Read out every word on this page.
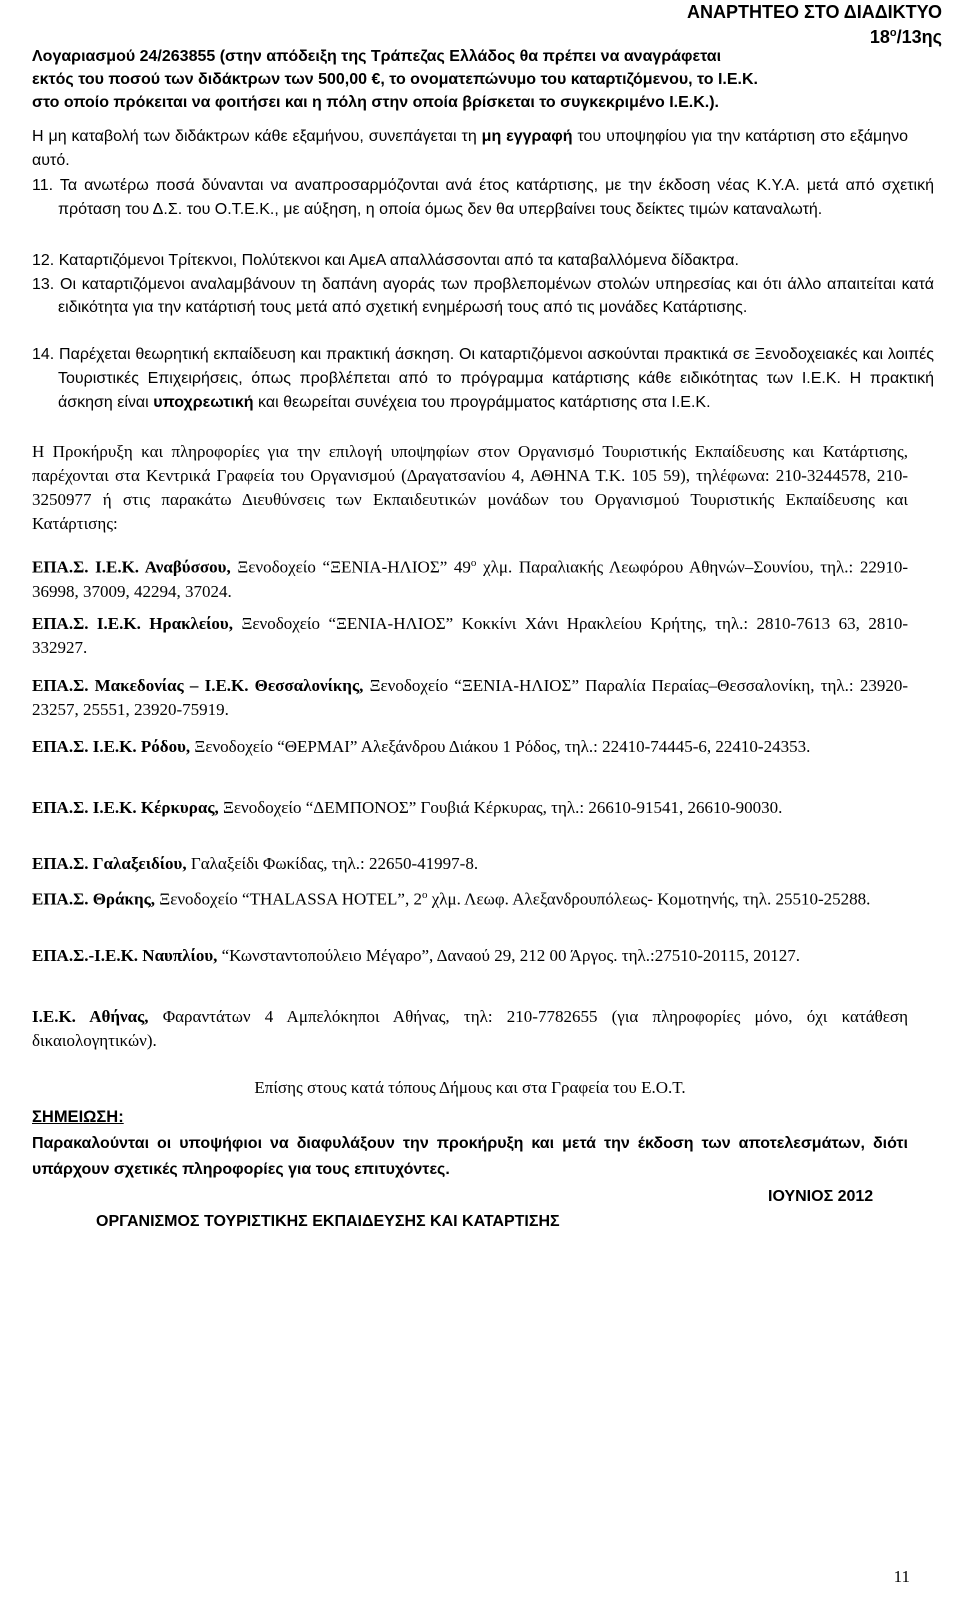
ΑΝΑΡΤΗΤΕΟ ΣΤΟ ΔΙΑΔΙΚΤΥΟ
$18^o/13\eta\varsigma$
Λογαριασμού 24/263855 (στην απόδειξη της Τράπεζας Ελλάδος θα πρέπει να αναγράφεται
εκτός του ποσού των διδάκτρων των 500,00 €, το ονοματεπώνυμο του καταρτιζόμενου, το Ι.Ε.Κ.
στο οποίο πρόκειται να φοιτήσει και η πόλη στην οποία βρίσκεται το συγκεκριμένο Ι.Ε.Κ.).
Η μη καταβολή των διδάκτρων κάθε εξαμήνου, συνεπάγεται τη μη εγγραφή του υποψηφίου για την κατάρτιση στο εξάμηνο αυτό.
11. Τα ανωτέρω ποσά δύνανται να αναπροσαρμόζονται ανά έτος κατάρτισης, με την έκδοση νέας Κ.Υ.Α. μετά από σχετική πρόταση του Δ.Σ. του Ο.Τ.Ε.Κ., με αύξηση, η οποία όμως δεν θα υπερβαίνει τους δείκτες τιμών καταναλωτή.
12. Καταρτιζόμενοι Τρίτεκνοι, Πολύτεκνοι και ΑμεΑ απαλλάσσονται από τα καταβαλλόμενα δίδακτρα.
13. Οι καταρτιζόμενοι αναλαμβάνουν τη δαπάνη αγοράς των προβλεπομένων στολών υπηρεσίας και ότι άλλο απαιτείται κατά ειδικότητα για την κατάρτισή τους μετά από σχετική ενημέρωσή τους από τις μονάδες Κατάρτισης.
14. Παρέχεται θεωρητική εκπαίδευση και πρακτική άσκηση. Οι καταρτιζόμενοι ασκούνται πρακτικά σε Ξενοδοχειακές και λοιπές Τουριστικές Επιχειρήσεις, όπως προβλέπεται από το πρόγραμμα κατάρτισης κάθε ειδικότητας των Ι.Ε.Κ. Η πρακτική άσκηση είναι υποχρεωτική και θεωρείται συνέχεια του προγράμματος κατάρτισης στα Ι.Ε.Κ.
Η Προκήρυξη και πληροφορίες για την επιλογή υποψηφίων στον Οργανισμό Τουριστικής Εκπαίδευσης και Κατάρτισης, παρέχονται στα Κεντρικά Γραφεία του Οργανισμού (Δραγατσανίου 4, ΑΘΗΝΑ Τ.Κ. 105 59), τηλέφωνα: 210-3244578, 210-3250977 ή στις παρακάτω Διευθύνσεις των Εκπαιδευτικών μονάδων του Οργανισμού Τουριστικής Εκπαίδευσης και Κατάρτισης:
ΕΠΑ.Σ. Ι.Ε.Κ. Αναβύσσου, Ξενοδοχείο “ΞΕΝΙΑ-ΗΛΙΟΣ” $49^o$ χλμ. Παραλιακής Λεωφόρου Αθηνών–Σουνίου, τηλ.: 22910-36998, 37009, 42294, 37024.
ΕΠΑ.Σ. Ι.Ε.Κ. Ηρακλείου, Ξενοδοχείο “ΞΕΝΙΑ-ΗΛΙΟΣ” Κοκκίνι Χάνι Ηρακλείου Κρήτης, τηλ.: 2810-7613 63, 2810-332927.
ΕΠΑ.Σ. Μακεδονίας – Ι.Ε.Κ. Θεσσαλονίκης, Ξενοδοχείο “ΞΕΝΙΑ-ΗΛΙΟΣ” Παραλία Περαίας–Θεσσαλονίκη, τηλ.: 23920-23257, 25551, 23920-75919.
ΕΠΑ.Σ. Ι.Ε.Κ. Ρόδου, Ξενοδοχείο “ΘΕΡΜΑΙ” Αλεξάνδρου Διάκου 1 Ρόδος, τηλ.: 22410-74445-6, 22410-24353.
ΕΠΑ.Σ. Ι.Ε.Κ. Κέρκυρας, Ξενοδοχείο “ΔΕΜΠΟΝΟΣ” Γουβιά Κέρκυρας, τηλ.: 26610-91541, 26610-90030.
ΕΠΑ.Σ. Γαλαξειδίου, Γαλαξείδι Φωκίδας, τηλ.: 22650-41997-8.
ΕΠΑ.Σ. Θράκης, Ξενοδοχείο “THALASSA HOTEL”, $2^o$ χλμ. Λεωφ. Αλεξανδρουπόλεως- Κομοτηνής, τηλ. 25510-25288.
ΕΠΑ.Σ.-Ι.Ε.Κ. Ναυπλίου, “Κωνσταντοπούλειο Μέγαρο”, Δαναού 29, 212 00 Άργος. τηλ.:27510-20115, 20127.
Ι.Ε.Κ. Αθήνας, Φαραντάτων 4 Αμπελόκηποι Αθήνας, τηλ: 210-7782655 (για πληροφορίες μόνο, όχι κατάθεση δικαιολογητικών).
Επίσης στους κατά τόπους Δήμους και στα Γραφεία του Ε.Ο.Τ.
ΣΗΜΕΙΩΣΗ:
Παρακαλούνται οι υποψήφιοι να διαφυλάξουν την προκήρυξη και μετά την έκδοση των αποτελεσμάτων, διότι υπάρχουν σχετικές πληροφορίες για τους επιτυχόντες.
ΙΟΥΝΙΟΣ 2012
ΟΡΓΑΝΙΣΜΟΣ ΤΟΥΡΙΣΤΙΚΗΣ ΕΚΠΑΙΔΕΥΣΗΣ ΚΑΙ ΚΑΤΑΡΤΙΣΗΣ
11
